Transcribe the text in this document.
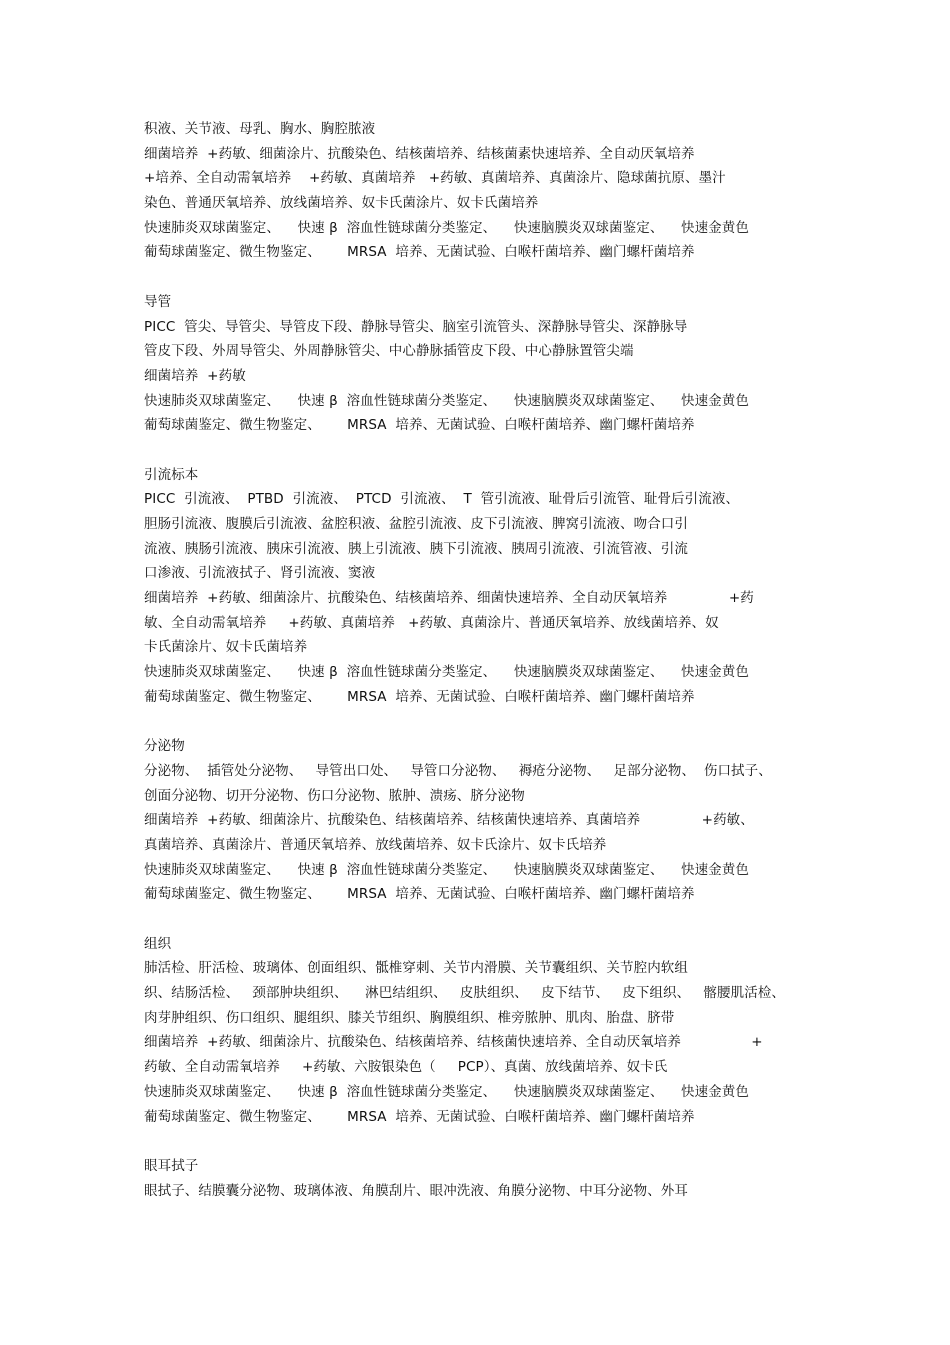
积液、关节液、母乳、胸水、胸腔脓液
细菌培养  +药敏、细菌涂片、抗酸染色、结核菌培养、结核菌素快速培养、全自动厌氧培养
+培养、全自动需氧培养    +药敏、真菌培养   +药敏、真菌培养、真菌涂片、隐球菌抗原、墨汁
染色、普通厌氧培养、放线菌培养、奴卡氏菌涂片、奴卡氏菌培养
快速肺炎双球菌鉴定、    快速 β  溶血性链球菌分类鉴定、    快速脑膜炎双球菌鉴定、    快速金黄色
葡萄球菌鉴定、微生物鉴定、      MRSA  培养、无菌试验、白喉杆菌培养、幽门螺杆菌培养
导管
PICC  管尖、导管尖、导管皮下段、静脉导管尖、脑室引流管头、深静脉导管尖、深静脉导
管皮下段、外周导管尖、外周静脉管尖、中心静脉插管皮下段、中心静脉置管尖端
细菌培养  +药敏
快速肺炎双球菌鉴定、    快速 β  溶血性链球菌分类鉴定、    快速脑膜炎双球菌鉴定、    快速金黄色
葡萄球菌鉴定、微生物鉴定、      MRSA  培养、无菌试验、白喉杆菌培养、幽门螺杆菌培养
引流标本
PICC  引流液、  PTBD  引流液、  PTCD  引流液、  T  管引流液、耻骨后引流管、耻骨后引流液、
胆肠引流液、腹膜后引流液、盆腔积液、盆腔引流液、皮下引流液、脾窝引流液、吻合口引
流液、胰肠引流液、胰床引流液、胰上引流液、胰下引流液、胰周引流液、引流管液、引流
口渗液、引流液拭子、肾引流液、窦液
细菌培养  +药敏、细菌涂片、抗酸染色、结核菌培养、细菌快速培养、全自动厌氧培养              +药
敏、全自动需氧培养     +药敏、真菌培养   +药敏、真菌涂片、普通厌氧培养、放线菌培养、奴
卡氏菌涂片、奴卡氏菌培养
快速肺炎双球菌鉴定、    快速 β  溶血性链球菌分类鉴定、    快速脑膜炎双球菌鉴定、    快速金黄色
葡萄球菌鉴定、微生物鉴定、      MRSA  培养、无菌试验、白喉杆菌培养、幽门螺杆菌培养
分泌物
分泌物、  插管处分泌物、   导管出口处、   导管口分泌物、   褥疮分泌物、   足部分泌物、  伤口拭子、
创面分泌物、切开分泌物、伤口分泌物、脓肿、溃疡、脐分泌物
细菌培养  +药敏、细菌涂片、抗酸染色、结核菌培养、结核菌快速培养、真菌培养              +药敏、
真菌培养、真菌涂片、普通厌氧培养、放线菌培养、奴卡氏涂片、奴卡氏培养
快速肺炎双球菌鉴定、    快速 β  溶血性链球菌分类鉴定、    快速脑膜炎双球菌鉴定、    快速金黄色
葡萄球菌鉴定、微生物鉴定、      MRSA  培养、无菌试验、白喉杆菌培养、幽门螺杆菌培养
组织
肺活检、肝活检、玻璃体、创面组织、骶椎穿刺、关节内滑膜、关节囊组织、关节腔内软组
织、结肠活检、   颈部肿块组织、    淋巴结组织、   皮肤组织、   皮下结节、   皮下组织、   髂腰肌活检、
肉芽肿组织、伤口组织、腿组织、膝关节组织、胸膜组织、椎旁脓肿、肌肉、胎盘、脐带
细菌培养  +药敏、细菌涂片、抗酸染色、结核菌培养、结核菌快速培养、全自动厌氧培养                +
药敏、全自动需氧培养     +药敏、六胺银染色（     PCP）、真菌、放线菌培养、奴卡氏
快速肺炎双球菌鉴定、    快速 β  溶血性链球菌分类鉴定、    快速脑膜炎双球菌鉴定、    快速金黄色
葡萄球菌鉴定、微生物鉴定、      MRSA  培养、无菌试验、白喉杆菌培养、幽门螺杆菌培养
眼耳拭子
眼拭子、结膜囊分泌物、玻璃体液、角膜刮片、眼冲洗液、角膜分泌物、中耳分泌物、外耳
